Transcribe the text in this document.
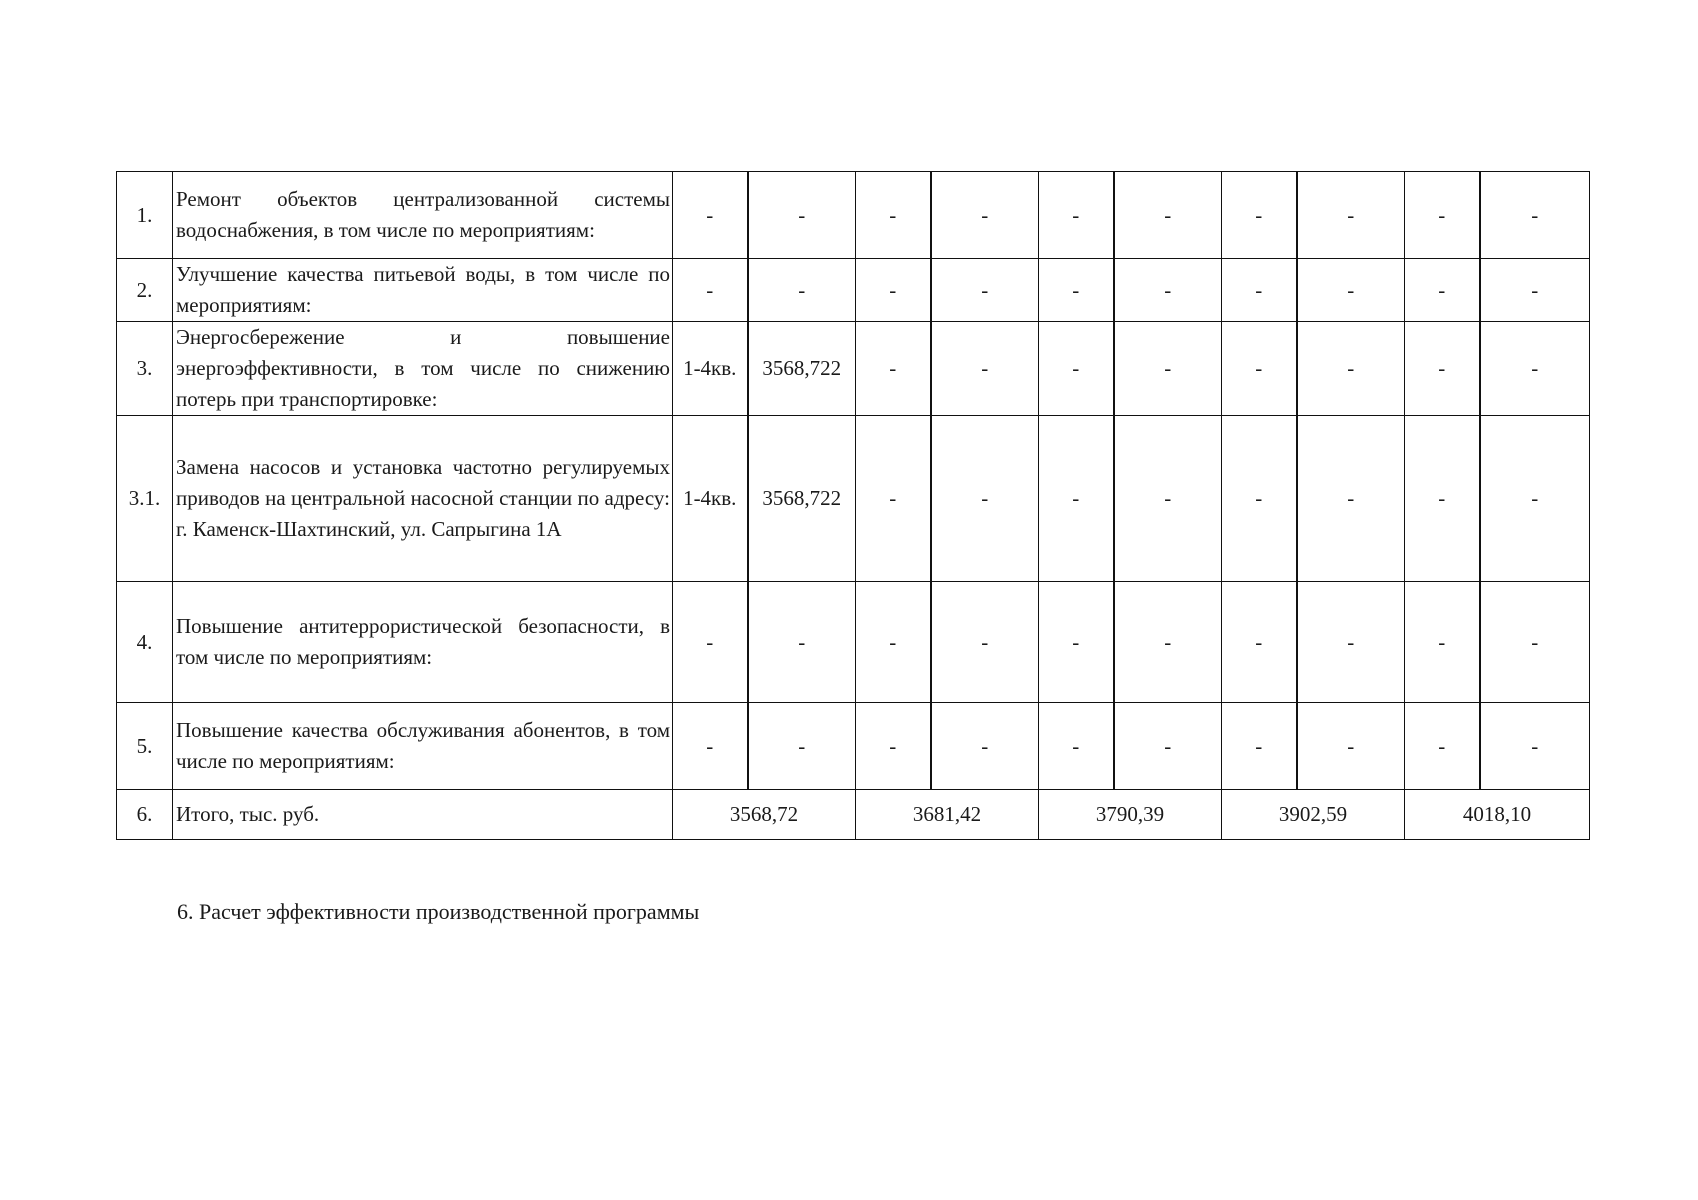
1.	Ремонт объектов централизованной системы водоснабжения, в том числе по мероприятиям:	-	-	-	-	-	-	-	-	-	-
2.	Улучшение качества питьевой воды, в том числе по мероприятиям:	-	-	-	-	-	-	-	-	-	-
3.	Энергосбережение и повышение энергоэффективности, в том числе по снижению потерь при транспортировке:	1-4кв.	3568,722	-	-	-	-	-	-	-	-
3.1.	Замена насосов и установка частотно регулируемых приводов на центральной насосной станции по адресу: г. Каменск-Шахтинский, ул. Сапрыгина 1А	1-4кв.	3568,722	-	-	-	-	-	-	-	-
4.	Повышение антитеррористической безопасности, в том числе по мероприятиям:	-	-	-	-	-	-	-	-	-	-
5.	Повышение качества обслуживания абонентов, в том числе по мероприятиям:	-	-	-	-	-	-	-	-	-	-
6.	Итого, тыс. руб.	3568,72		3681,42		3790,39		3902,59		4018,10	

6. Расчет эффективности производственной программы
